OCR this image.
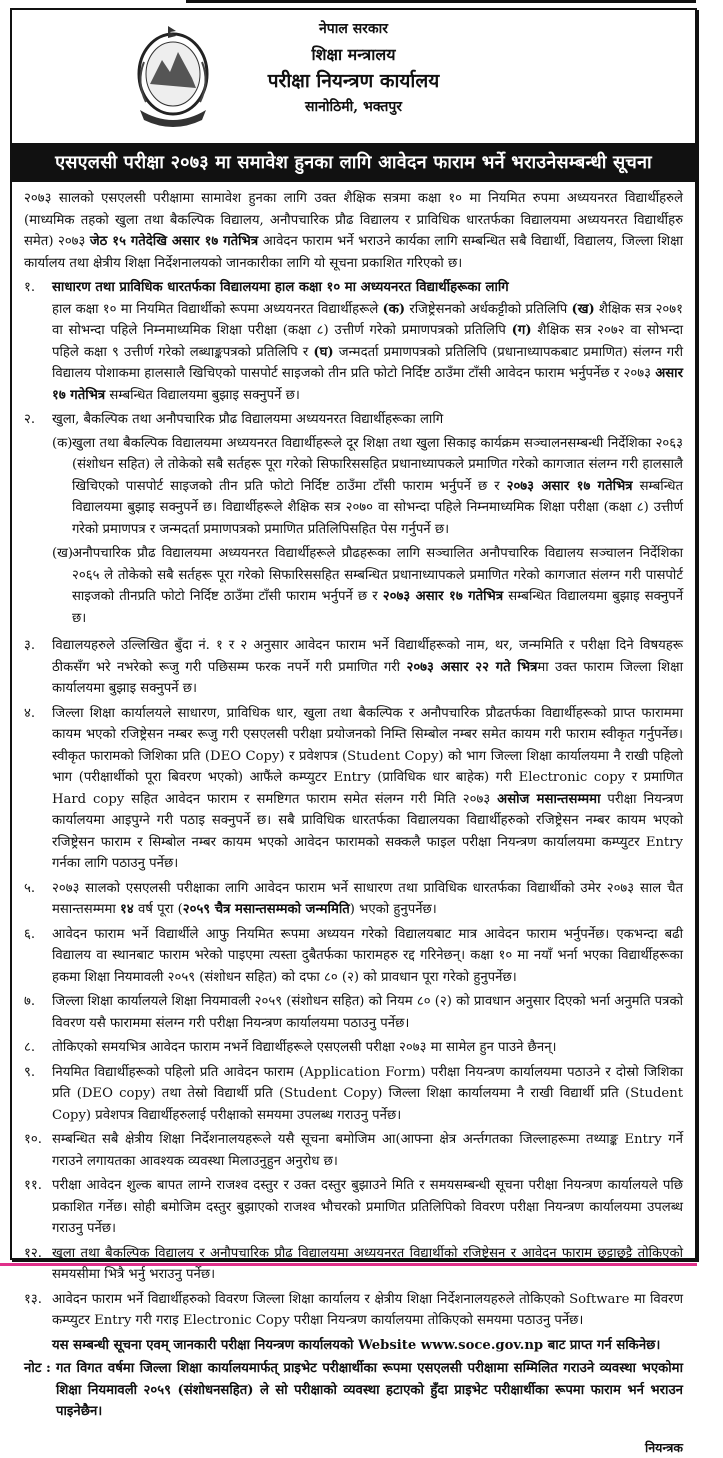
नेपाल सरकार
शिक्षा मन्त्रालय
परीक्षा नियन्त्रण कार्यालय
सानोठिमी, भक्तपुर
एसएलसी परीक्षा २०७३ मा समावेश हुनका लागि आवेदन फाराम भर्ने भराउनेसम्बन्धी सूचना

२०७३ सालको एसएलसी परीक्षामा सामावेश हुनका लागि उक्त शैक्षिक सत्रमा कक्षा १० मा नियमित रुपमा अध्ययनरत विद्यार्थीहरुले (माध्यमिक तहको खुला तथा बैकल्पिक विद्यालय, अनौपचारिक प्रौढ विद्यालय र प्राविधिक धारतर्फका विद्यालयमा अध्ययनरत विद्यार्थीहरु समेत) २०७३ जेठ १५ गतेदेखि असार १७ गतेभित्र आवेदन फाराम भर्ने भराउने कार्यका लागि सम्बन्धित सबै विद्यार्थी, विद्यालय, जिल्ला शिक्षा कार्यालय तथा क्षेत्रीय शिक्षा निर्देशनालयको जानकारीका लागि यो सूचना प्रकाशित गरिएको छ।

१.	साधारण तथा प्राविधिक धारतर्फका विद्यालयमा हाल कक्षा १० मा अध्ययनरत विद्यार्थीहरूका लागि
हाल कक्षा १० मा नियमित विद्यार्थीको रूपमा अध्ययनरत विद्यार्थीहरूले (क) रजिष्ट्रेसनको अर्धकट्टीको प्रतिलिपि (ख) शैक्षिक सत्र २०७१ वा सोभन्दा पहिले निम्नमाध्यमिक शिक्षा परीक्षा (कक्षा ८) उत्तीर्ण गरेको प्रमाणपत्रको प्रतिलिपि (ग) शैक्षिक सत्र २०७२ वा सोभन्दा पहिले कक्षा ९ उत्तीर्ण गरेको लब्धाङ्कपत्रको प्रतिलिपि र (घ) जन्मदर्ता प्रमाणपत्रको प्रतिलिपि (प्रधानाध्यापकबाट प्रमाणित) संलग्न गरी विद्यालय पोशाकमा हालसालै खिचिएको पासपोर्ट साइजको तीन प्रति फोटो निर्दिष्ट ठाउँमा टाँसी आवेदन फाराम भर्नुपर्नेछ र २०७३ असार १७ गतेभित्र सम्बन्धित विद्यालयमा बुझाइ सक्नुपर्ने छ।
२.	खुला, बैकल्पिक तथा अनौपचारिक प्रौढ विद्यालयमा अध्ययनरत विद्यार्थीहरूका लागि
(क) खुला तथा बैकल्पिक विद्यालयमा अध्ययनरत विद्यार्थीहरूले दूर शिक्षा तथा खुला सिकाइ कार्यक्रम सञ्चालनसम्बन्धी निर्देशिका २०६३ (संशोधन सहित) ले तोकेको सबै सर्तहरू पूरा गरेको सिफारिससहित प्रधानाध्यापकले प्रमाणित गरेको कागजात संलग्न गरी हालसालै खिचिएको पासपोर्ट साइजको तीन प्रति फोटो निर्दिष्ट ठाउँमा टाँसी फाराम भर्नुपर्ने छ र २०७३ असार १७ गतेभित्र सम्बन्धित विद्यालयमा बुझाइ सक्नुपर्ने छ। विद्यार्थीहरूले शैक्षिक सत्र २०७० वा सोभन्दा पहिले निम्नमाध्यमिक शिक्षा परीक्षा (कक्षा ८) उत्तीर्ण गरेको प्रमाणपत्र र जन्मदर्ता प्रमाणपत्रको प्रमाणित प्रतिलिपिसहित पेस गर्नुपर्ने छ।
(ख)
अनौपचारिक प्रौढ विद्यालयमा अध्ययनरत विद्यार्थीहरूले प्रौढहरूका लागि सञ्चालित अनौपचारिक विद्यालय सञ्चालन निर्देशिका २०६५ ले तोकेको सबै सर्तहरू पूरा गरेको सिफारिससहित सम्बन्धित प्रधानाध्यापकले प्रमाणित गरेको कागजात संलग्न गरी पासपोर्ट साइजको तीनप्रति फोटो निर्दिष्ट ठाउँमा टाँसी फाराम भर्नुपर्ने छ र २०७३ असार १७ गतेभित्र सम्बन्धित विद्यालयमा बुझाइ सक्नुपर्ने छ।
३.	विद्यालयहरुले उल्लिखित बुँदा नं. १ र २ अनुसार आवेदन फाराम भर्ने विद्यार्थीहरूको नाम, थर, जन्ममिति र परीक्षा दिने विषयहरू ठीकसँग भरे नभरेको रूजु गरी पछिसम्म फरक नपर्ने गरी प्रमाणित गरी २०७३ असार २२ गते भित्रमा उक्त फाराम जिल्ला शिक्षा कार्यालयमा बुझाइ सक्नुपर्ने छ।
४.	जिल्ला शिक्षा कार्यालयले साधारण, प्राविधिक धार, खुला तथा बैकल्पिक र अनौपचारिक प्रौढतर्फका विद्यार्थीहरूको प्राप्त फाराममा कायम भएको रजिष्ट्रेसन नम्बर रूजु गरी एसएलसी परीक्षा प्रयोजनको निम्ति सिम्बोल नम्बर समेत कायम गरी फाराम स्वीकृत गर्नुपर्नेछ। स्वीकृत फारामको जिशिका प्रति (DEO Copy) र प्रवेशपत्र (Student Copy) को भाग जिल्ला शिक्षा कार्यालयमा नै राखी पहिलो भाग (परीक्षार्थीको पूरा बिवरण भएको) आफैंले कम्प्युटर Entry (प्राविधिक धार बाहेक) गरी Electronic copy र प्रमाणित Hard copy सहित आवेदन फाराम र समष्टिगत फाराम समेत संलग्न गरी मिति २०७३ असोज मसान्तसम्ममा परीक्षा नियन्त्रण कार्यालयमा आइपुग्ने गरी पठाइ सक्नुपर्ने छ। सबै प्राविधिक धारतर्फका विद्यालयका विद्यार्थीहरुको रजिष्ट्रेसन नम्बर कायम भएको रजिष्ट्रेसन फाराम र सिम्बोल नम्बर कायम भएको आवेदन फारामको सक्कलै फाइल परीक्षा नियन्त्रण कार्यालयमा कम्प्युटर Entry गर्नका लागि पठाउनु पर्नेछ।
५.	२०७३ सालको एसएलसी परीक्षाका लागि आवेदन फाराम भर्ने साधारण तथा प्राविधिक धारतर्फका विद्यार्थीको उमेर २०७३ साल चैत मसान्तसम्ममा १४ वर्ष पूरा (२०५९ चैत्र मसान्तसम्मको जन्ममिति) भएको हुनुपर्नेछ।
६.	आवेदन फाराम भर्ने विद्यार्थीले आफु नियमित रूपमा अध्ययन गरेको विद्यालयबाट मात्र आवेदन फाराम भर्नुपर्नेछ। एकभन्दा बढी विद्यालय वा स्थानबाट फाराम भरेको पाइएमा त्यस्ता दुबैतर्फका फारामहरु रद्द गरिनेछन्। कक्षा १० मा नयाँ भर्ना भएका विद्यार्थीहरूका हकमा शिक्षा नियमावली २०५९ (संशोधन सहित) को दफा ८० (२) को प्रावधान पूरा गरेको हुनुपर्नेछ।
७.	जिल्ला शिक्षा कार्यालयले शिक्षा नियमावली २०५९ (संशोधन सहित) को नियम ८० (२) को प्रावधान अनुसार दिएको भर्ना अनुमति पत्रको विवरण यसै फाराममा संलग्न गरी परीक्षा नियन्त्रण कार्यालयमा पठाउनु पर्नेछ।
८.	तोकिएको समयभित्र आवेदन फाराम नभर्ने विद्यार्थीहरूले एसएलसी परीक्षा २०७३ मा सामेल हुन पाउने छैनन्।
९.	नियमित विद्यार्थीहरूको पहिलो प्रति आवेदन फाराम (Application Form) परीक्षा नियन्त्रण कार्यालयमा पठाउने र दोस्रो जिशिका प्रति (DEO copy) तथा तेस्रो विद्यार्थी प्रति (Student Copy) जिल्ला शिक्षा कार्यालयमा नै राखी विद्यार्थी प्रति (Student Copy) प्रवेशपत्र विद्यार्थीहरुलाई परीक्षाको समयमा उपलब्ध गराउनु पर्नेछ।
१०. सम्बन्धित सबै क्षेत्रीय शिक्षा निर्देशनालयहरूले यसै सूचना बमोजिम आ(आफ्ना क्षेत्र अर्न्तगतका जिल्लाहरूमा तथ्याङ्क Entry गर्ने गराउने लगायतका आवश्यक व्यवस्था मिलाउनुहुन अनुरोध छ।
११. परीक्षा आवेदन शुल्क बापत लाग्ने राजश्व दस्तुर र उक्त दस्तुर बुझाउने मिति र समयसम्बन्धी सूचना परीक्षा नियन्त्रण कार्यालयले पछि प्रकाशित गर्नेछ। सोही बमोजिम दस्तुर बुझाएको राजश्व भौचरको प्रमाणित प्रतिलिपिको विवरण परीक्षा नियन्त्रण कार्यालयमा उपलब्ध गराउनु पर्नेछ।
१२. खुला तथा बैकल्पिक विद्यालय र अनौपचारिक प्रौढ विद्यालयमा अध्ययनरत विद्यार्थीको रजिष्ट्रेसन र आवेदन फाराम छुट्टाछुट्टै तोकिएको समयसीमा भित्रै भर्नु भराउनु पर्नेछ।
१३. आवेदन फाराम भर्ने विद्यार्थीहरुको विवरण जिल्ला शिक्षा कार्यालय र क्षेत्रीय शिक्षा निर्देशनालयहरुले तोकिएको Software मा विवरण कम्प्युटर Entry गरी गराइ Electronic Copy परीक्षा नियन्त्रण कार्यालयमा तोकिएको समयमा पठाउनु पर्नेछ।
यस सम्बन्धी सूचना एवम् जानकारी परीक्षा नियन्त्रण कार्यालयको Website www.soce.gov.np बाट प्राप्त गर्न सकिनेछ।
नोट : गत विगत वर्षमा जिल्ला शिक्षा कार्यालयमार्फत् प्राइभेट परीक्षार्थीका रूपमा एसएलसी परीक्षामा सम्मिलित गराउने व्यवस्था भएकोमा शिक्षा नियमावली २०५९ (संशोधनसहित) ले सो परीक्षाको व्यवस्था हटाएको हुँदा प्राइभेट परीक्षार्थीका रूपमा फाराम भर्न भराउन पाइनेछैन।
नियन्त्रक
